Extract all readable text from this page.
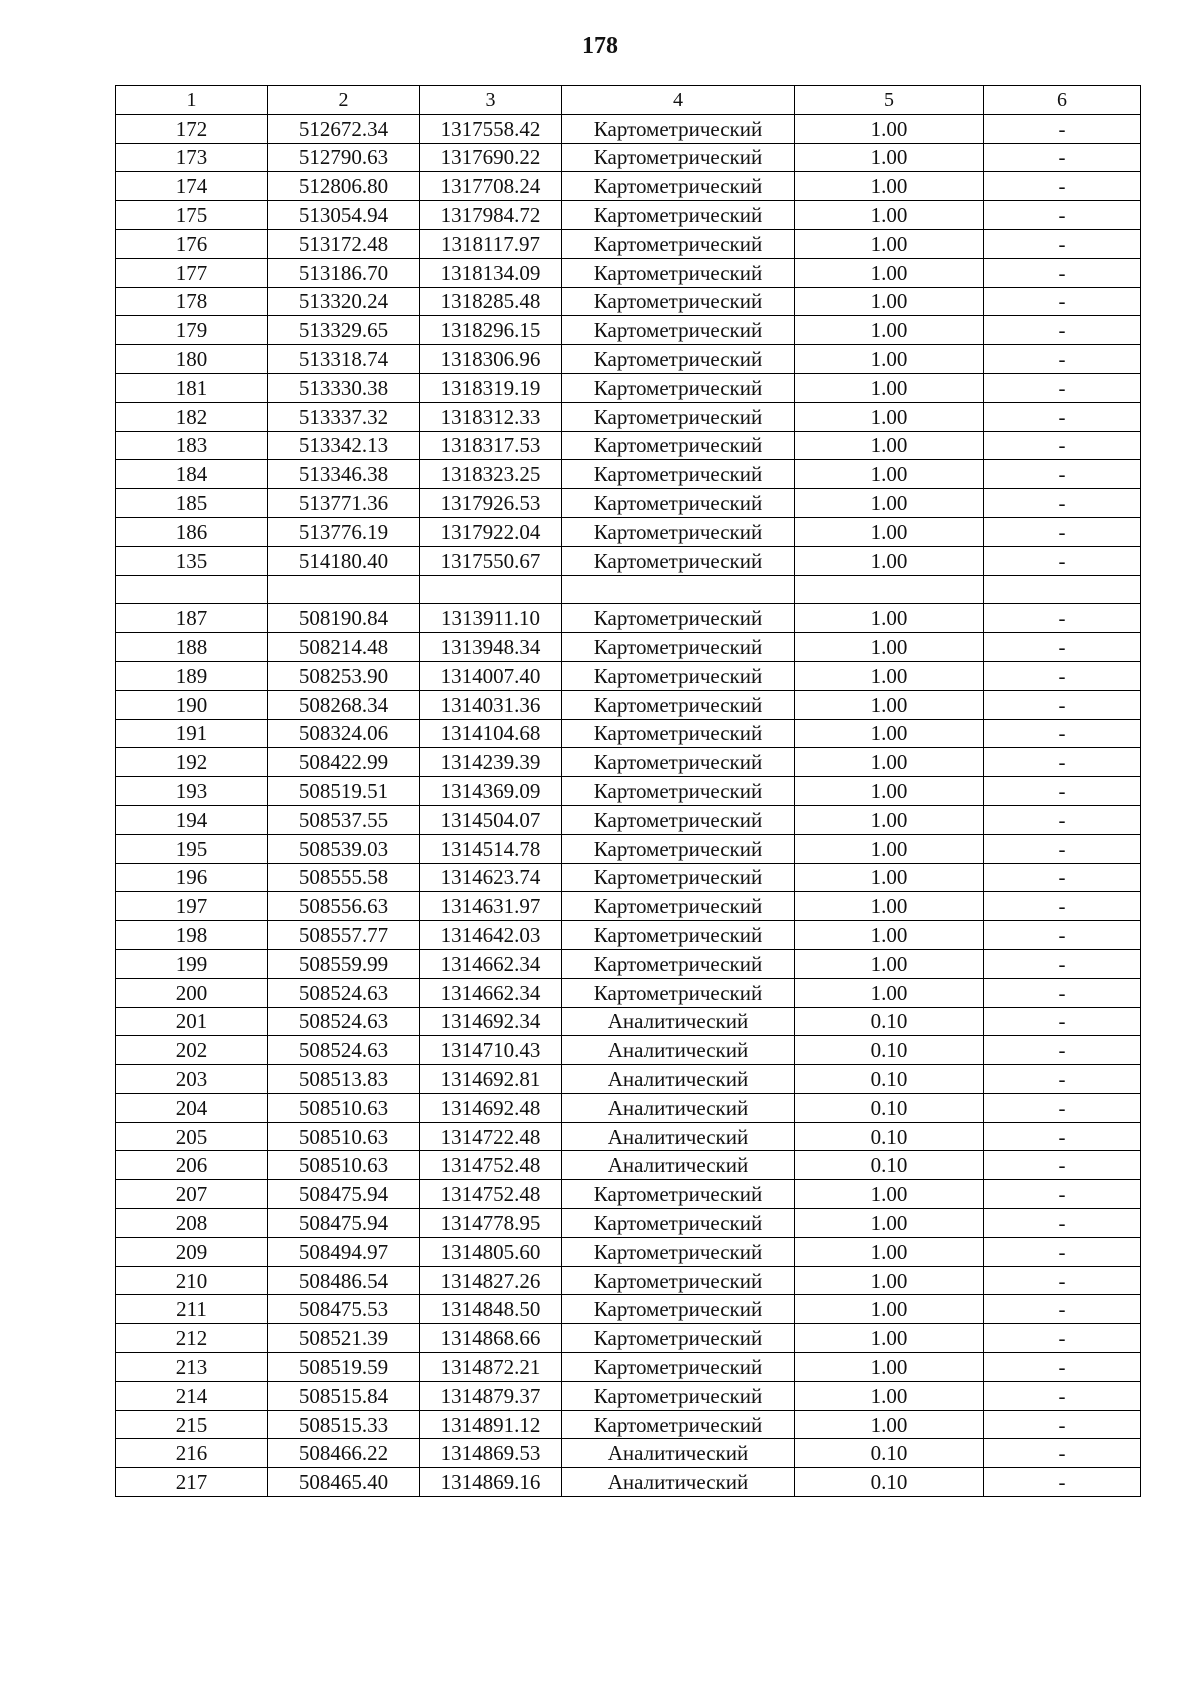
178
1	2	3	4	5	6
172	512672.34	1317558.42	Картометрический	1.00	-
173	512790.63	1317690.22	Картометрический	1.00	-
174	512806.80	1317708.24	Картометрический	1.00	-
175	513054.94	1317984.72	Картометрический	1.00	-
176	513172.48	1318117.97	Картометрический	1.00	-
177	513186.70	1318134.09	Картометрический	1.00	-
178	513320.24	1318285.48	Картометрический	1.00	-
179	513329.65	1318296.15	Картометрический	1.00	-
180	513318.74	1318306.96	Картометрический	1.00	-
181	513330.38	1318319.19	Картометрический	1.00	-
182	513337.32	1318312.33	Картометрический	1.00	-
183	513342.13	1318317.53	Картометрический	1.00	-
184	513346.38	1318323.25	Картометрический	1.00	-
185	513771.36	1317926.53	Картометрический	1.00	-
186	513776.19	1317922.04	Картометрический	1.00	-
135	514180.40	1317550.67	Картометрический	1.00	-

187	508190.84	1313911.10	Картометрический	1.00	-
188	508214.48	1313948.34	Картометрический	1.00	-
189	508253.90	1314007.40	Картометрический	1.00	-
190	508268.34	1314031.36	Картометрический	1.00	-
191	508324.06	1314104.68	Картометрический	1.00	-
192	508422.99	1314239.39	Картометрический	1.00	-
193	508519.51	1314369.09	Картометрический	1.00	-
194	508537.55	1314504.07	Картометрический	1.00	-
195	508539.03	1314514.78	Картометрический	1.00	-
196	508555.58	1314623.74	Картометрический	1.00	-
197	508556.63	1314631.97	Картометрический	1.00	-
198	508557.77	1314642.03	Картометрический	1.00	-
199	508559.99	1314662.34	Картометрический	1.00	-
200	508524.63	1314662.34	Картометрический	1.00	-
201	508524.63	1314692.34	Аналитический	0.10	-
202	508524.63	1314710.43	Аналитический	0.10	-
203	508513.83	1314692.81	Аналитический	0.10	-
204	508510.63	1314692.48	Аналитический	0.10	-
205	508510.63	1314722.48	Аналитический	0.10	-
206	508510.63	1314752.48	Аналитический	0.10	-
207	508475.94	1314752.48	Картометрический	1.00	-
208	508475.94	1314778.95	Картометрический	1.00	-
209	508494.97	1314805.60	Картометрический	1.00	-
210	508486.54	1314827.26	Картометрический	1.00	-
211	508475.53	1314848.50	Картометрический	1.00	-
212	508521.39	1314868.66	Картометрический	1.00	-
213	508519.59	1314872.21	Картометрический	1.00	-
214	508515.84	1314879.37	Картометрический	1.00	-
215	508515.33	1314891.12	Картометрический	1.00	-
216	508466.22	1314869.53	Аналитический	0.10	-
217	508465.40	1314869.16	Аналитический	0.10	-
